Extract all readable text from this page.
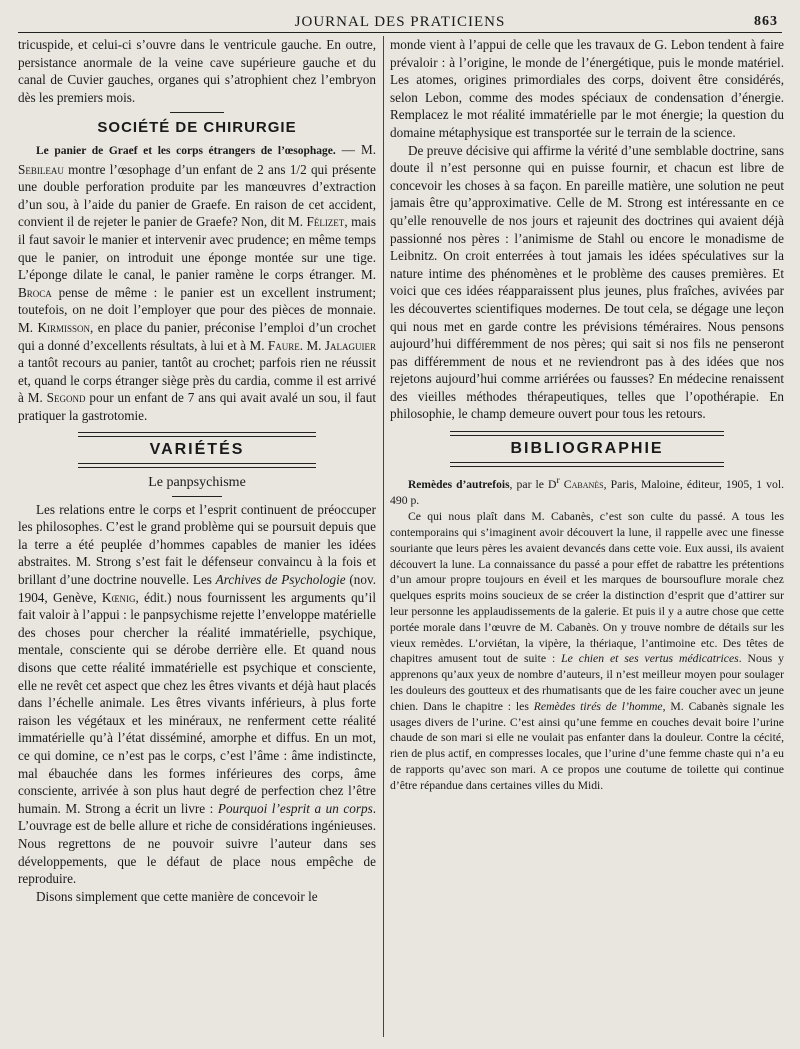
JOURNAL DES PRATICIENS	863

tricuspide, et celui-ci s’ouvre dans le ventricule gauche. En outre, persistance anormale de la veine cave supérieure gauche et du canal de Cuvier gauches, organes qui s’atrophient chez l’embryon dès les premiers mois.

SOCIÉTÉ DE CHIRURGIE

Le panier de Graef et les corps étrangers de l’œsophage. — M. Sebileau montre l’œsophage d’un enfant de 2 ans 1/2 qui présente une double perforation produite par les manœuvres d’extraction d’un sou, à l’aide du panier de Graefe. En raison de cet accident, convient il de rejeter le panier de Graefe? Non, dit M. Félizet, mais il faut savoir le manier et intervenir avec prudence; en même temps que le panier, on introduit une éponge montée sur une tige. L’éponge dilate le canal, le panier ramène le corps étranger. M. Broca pense de même : le panier est un excellent instrument; toutefois, on ne doit l’employer que pour des pièces de monnaie. M. Kirmisson, en place du panier, préconise l’emploi d’un crochet qui a donné d’excellents résultats, à lui et à M. Faure. M. Jalaguier a tantôt recours au panier, tantôt au crochet; parfois rien ne réussit et, quand le corps étranger siège près du cardia, comme il est arrivé à M. Segond pour un enfant de 7 ans qui avait avalé un sou, il faut pratiquer la gastrotomie.

VARIÉTÉS
Le panpsychisme

Les relations entre le corps et l’esprit continuent de préoccuper les philosophes. C’est le grand problème qui se poursuit depuis que la terre a été peuplée d’hommes capables de manier les idées abstraites. M. Strong s’est fait le défenseur convaincu à la fois et brillant d’une doctrine nouvelle. Les Archives de Psychologie (nov. 1904, Genève, Kœnig, édit.) nous fournissent les arguments qu’il fait valoir à l’appui : le panpsychisme rejette l’enveloppe matérielle des choses pour chercher la réalité immatérielle, psychique, mentale, consciente qui se dérobe derrière elle. Et quand nous disons que cette réalité immatérielle est psychique et consciente, elle ne revêt cet aspect que chez les êtres vivants et déjà haut placés dans l’échelle animale. Les êtres vivants inférieurs, à plus forte raison les végétaux et les minéraux, ne renferment cette réalité immatérielle qu’à l’état disséminé, amorphe et diffus. En un mot, ce qui domine, ce n’est pas le corps, c’est l’âme : âme indistincte, mal ébauchée dans les formes inférieures des corps, âme consciente, arrivée à son plus haut degré de perfection chez l’être humain. M. Strong a écrit un livre : Pourquoi l’esprit a un corps. L’ouvrage est de belle allure et riche de considérations ingénieuses. Nous regrettons de ne pouvoir suivre l’auteur dans ses développements, que le défaut de place nous empêche de reproduire.

Disons simplement que cette manière de concevoir le

monde vient à l’appui de celle que les travaux de G. Lebon tendent à faire prévaloir : à l’origine, le monde de l’énergétique, puis le monde matériel. Les atomes, origines primordiales des corps, doivent être considérés, selon Lebon, comme des modes spéciaux de condensation d’énergie. Remplacez le mot réalité immatérielle par le mot énergie; la question du domaine métaphysique est transportée sur le terrain de la science.

De preuve décisive qui affirme la vérité d’une semblable doctrine, sans doute il n’est personne qui en puisse fournir, et chacun est libre de concevoir les choses à sa façon. En pareille matière, une solution ne peut jamais être qu’approximative. Celle de M. Strong est intéressante en ce qu’elle renouvelle de nos jours et rajeunit des doctrines qui avaient déjà passionné nos pères : l’animisme de Stahl ou encore le monadisme de Leibnitz. On croit enterrées à tout jamais les idées spéculatives sur la nature intime des phénomènes et le problème des causes premières. Et voici que ces idées réapparaissent plus jeunes, plus fraîches, avivées par les découvertes scientifiques modernes. De tout cela, se dégage une leçon qui nous met en garde contre les prévisions téméraires. Nous pensons aujourd’hui différemment de nos pères; qui sait si nos fils ne penseront pas différemment de nous et ne reviendront pas à des idées que nos rejetons aujourd’hui comme arriérées ou fausses? En médecine renaissent des vieilles méthodes thérapeutiques, telles que l’opothérapie. En philosophie, le champ demeure ouvert pour tous les retours.

BIBLIOGRAPHIE

Remèdes d’autrefois, par le $D^r$ Cabanès, Paris, Maloine, éditeur, 1905, 1 vol. 490 p.

Ce qui nous plaît dans M. Cabanès, c’est son culte du passé. A tous les contemporains qui s’imaginent avoir découvert la lune, il rappelle avec une finesse souriante que leurs pères les avaient devancés dans cette voie. Eux aussi, ils avaient découvert la lune. La connaissance du passé a pour effet de rabattre les prétentions d’un amour propre toujours en éveil et les marques de boursouflure morale chez quelques esprits moins soucieux de se créer la distinction d’esprit que d’attirer sur leur personne les applaudissements de la galerie. Et puis il y a autre chose que cette portée morale dans l’œuvre de M. Cabanès. On y trouve nombre de détails sur les vieux remèdes. L’orviétan, la vipère, la thériaque, l’antimoine etc. Des têtes de chapitres amusent tout de suite : Le chien et ses vertus médicatrices. Nous y apprenons qu’aux yeux de nombre d’auteurs, il n’est meilleur moyen pour soulager les douleurs des goutteux et des rhumatisants que de les faire coucher avec un jeune chien. Dans le chapitre : les Remèdes tirés de l’homme, M. Cabanès signale les usages divers de l’urine. C’est ainsi qu’une femme en couches devait boire l’urine chaude de son mari si elle ne voulait pas enfanter dans la douleur. Contre la cécité, rien de plus actif, en compresses locales, que l’urine d’une femme chaste qui n’a eu de rapports qu’avec son mari. A ce propos une coutume de toilette qui continue d’être répandue dans certaines villes du Midi.
